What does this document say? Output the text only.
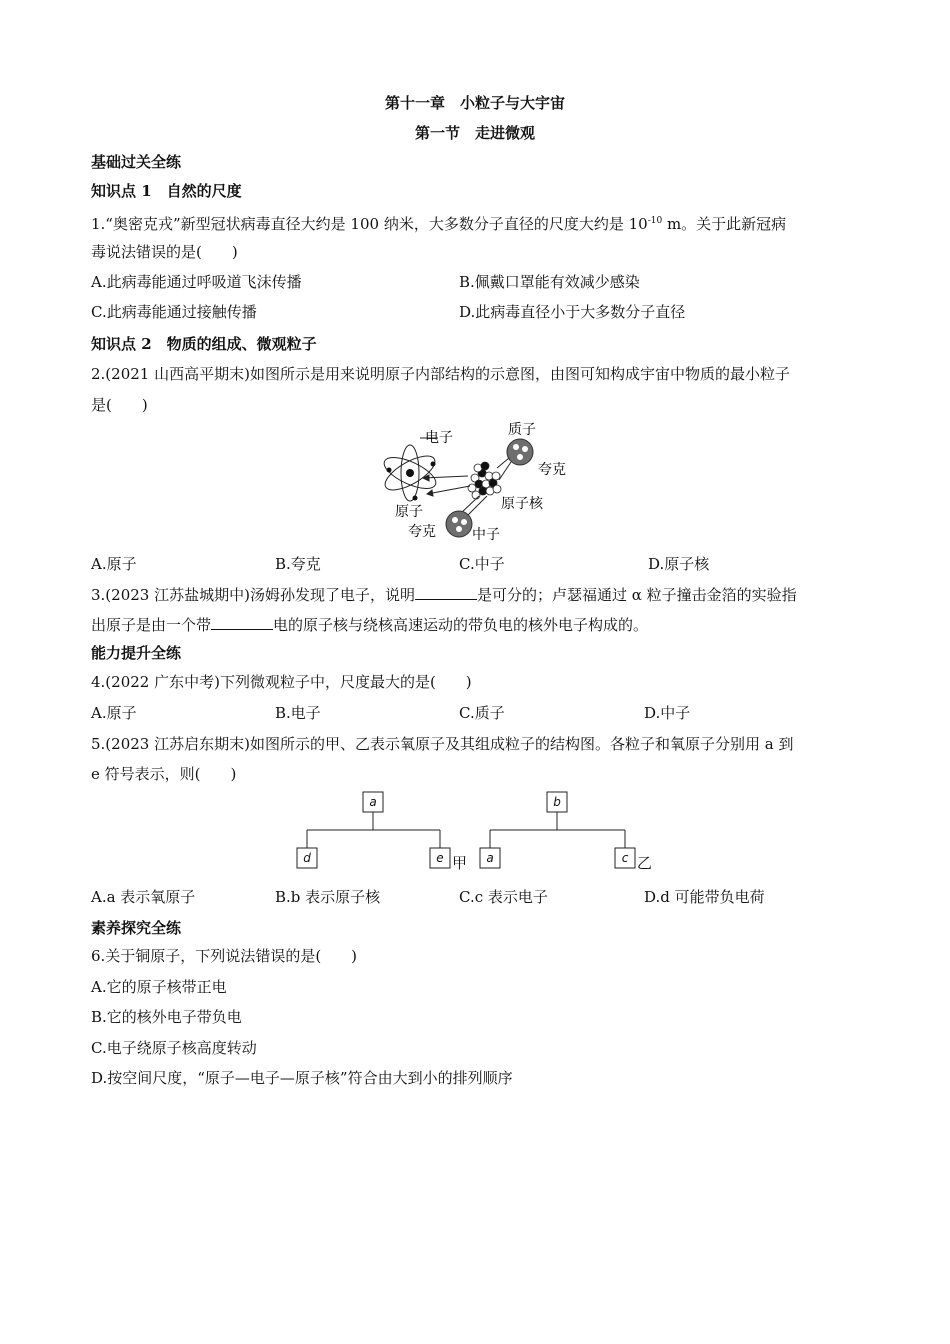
第十一章　小粒子与大宇宙
第一节　走进微观
基础过关全练
知识点 1　自然的尺度
1.“奥密克戎”新型冠状病毒直径大约是 100 纳米，大多数分子直径的尺度大约是 $10^{-10}$ m。关于此新冠病
毒说法错误的是(　　)
A.此病毒能通过呼吸道飞沫传播	B.佩戴口罩能有效减少感染
C.此病毒能通过接触传播	D.此病毒直径小于大多数分子直径
知识点 2　物质的组成、微观粒子
2.(2021 山西高平期末)如图所示是用来说明原子内部结构的示意图，由图可知构成宇宙中物质的最小粒子
是(　　)
电子	质子
夸克
原子核
原子
夸克	中子
A.原子	B.夸克	C.中子	D.原子核
3.(2023 江苏盐城期中)汤姆孙发现了电子，说明	是可分的；卢瑟福通过 α 粒子撞击金箔的实验指
出原子是由一个带	电的原子核与绕核高速运动的带负电的核外电子构成的。
能力提升全练
4.(2022 广东中考)下列微观粒子中，尺度最大的是(　　)
A.原子	B.电子	C.质子	D.中子
5.(2023 江苏启东期末)如图所示的甲、乙表示氧原子及其组成粒子的结构图。各粒子和氧原子分别用 a 到
e 符号表示，则(　　)
a
d	e
b
a	c
甲	乙
A.a 表示氧原子	B.b 表示原子核	C.c 表示电子	D.d 可能带负电荷
素养探究全练
6.关于铜原子，下列说法错误的是(　　)
A.它的原子核带正电
B.它的核外电子带负电
C.电子绕原子核高度转动
D.按空间尺度，“原子—电子—原子核”符合由大到小的排列顺序
